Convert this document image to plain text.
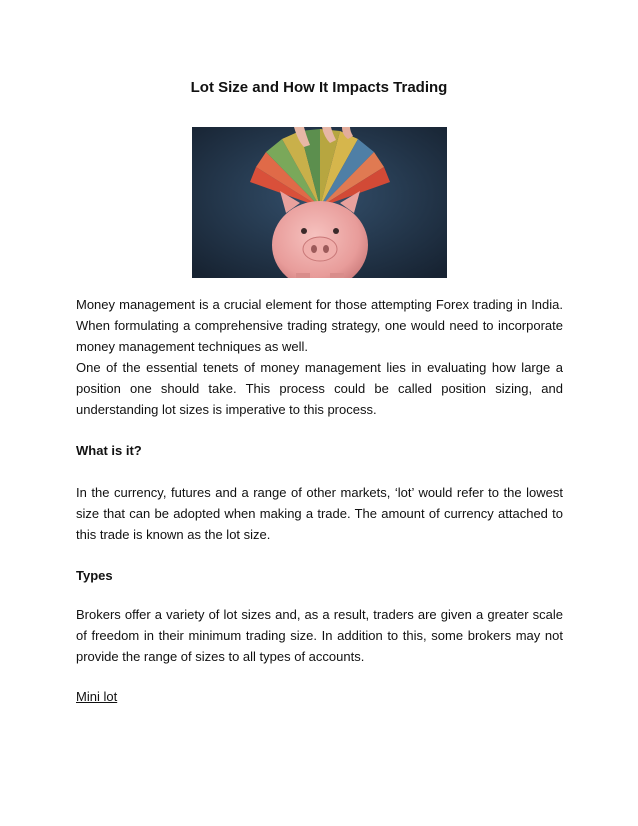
Lot Size and How It Impacts Trading

Money management is a crucial element for those attempting Forex trading in India. When formulating a comprehensive trading strategy, one would need to incorporate money management techniques as well.

One of the essential tenets of money management lies in evaluating how large a position one should take. This process could be called position sizing, and understanding lot sizes is imperative to this process.

What is it?

In the currency, futures and a range of other markets, ‘lot’ would refer to the lowest size that can be adopted when making a trade. The amount of currency attached to this trade is known as the lot size.

Types

Brokers offer a variety of lot sizes and, as a result, traders are given a greater scale of freedom in their minimum trading size. In addition to this, some brokers may not provide the range of sizes to all types of accounts.

Mini lot
